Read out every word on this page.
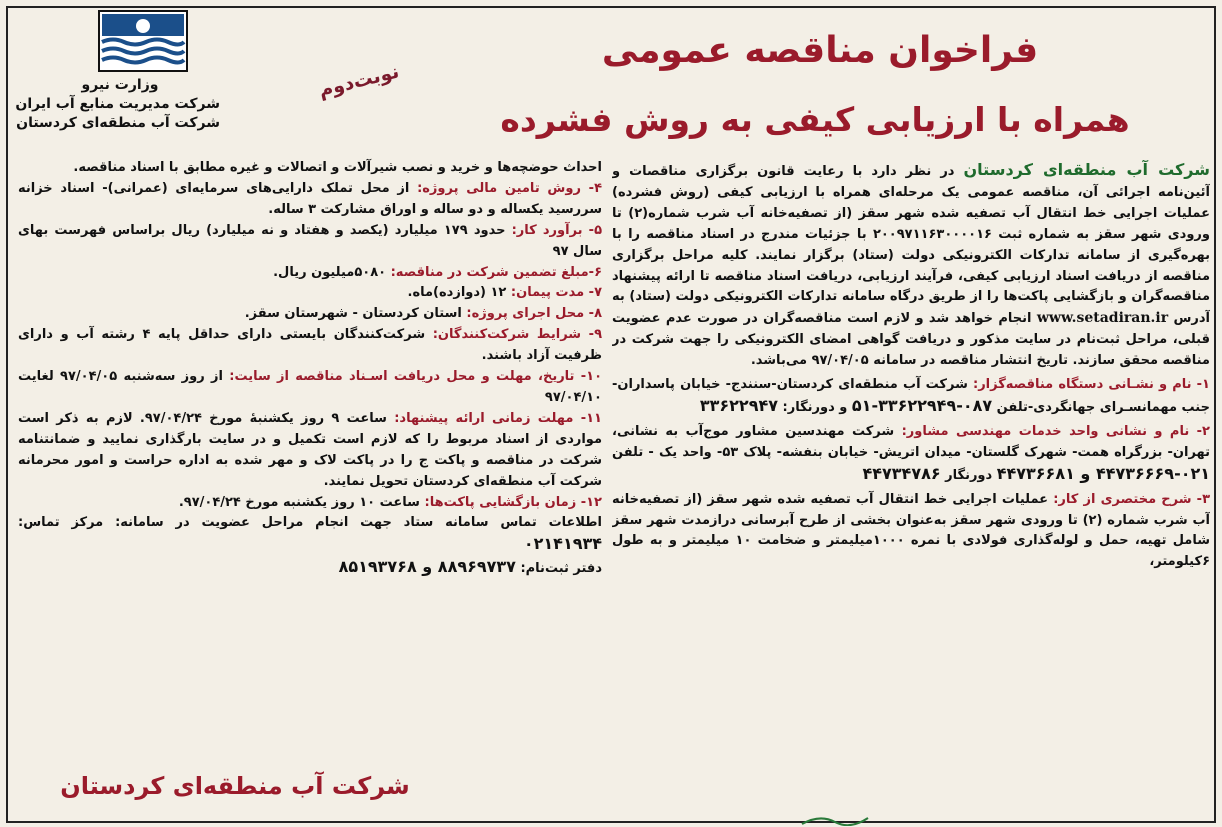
وزارت نیرو
شرکت مدیریت منابع آب ایران
شرکت آب منطقه‌ای کردستان
نوبت‌دوم
فراخوان مناقصه عمومی
همراه با ارزیابی کیفی به روش فشرده

شرکت آب منطقه‌ای کردستان در نظر دارد با رعایت قانون برگزاری مناقصات و آئین‌نامه اجرائی آن، مناقصه عمومی یک مرحله‌ای همراه با ارزیابی کیفی (روش فشرده) عملیات اجرایی خط انتقال آب تصفیه شده شهر سقز (از تصفیه‌خانه آب شرب شماره(۲) تا ورودی شهر سقز به شماره ثبت ۲۰۰۹۷۱۱۶۳۰۰۰۰۱۶ با جزئیات مندرج در اسناد مناقصه را با بهره‌گیری از سامانه تدارکات الکترونیکی دولت (ستاد) برگزار نمایند. کلیه مراحل برگزاری مناقصه از دریافت اسناد ارزیابی کیفی، فرآیند ارزیابی، دریافت اسناد مناقصه تا ارائه پیشنهاد مناقصه‌گران و بازگشایی پاکت‌ها را از طریق درگاه سامانه تدارکات الکترونیکی دولت (ستاد) به آدرس www.setadiran.ir انجام خواهد شد و لازم است مناقصه‌گران در صورت عدم عضویت قبلی، مراحل ثبت‌نام در سایت مذکور و دریافت گواهی امضای الکترونیکی را جهت شرکت در مناقصه محقق سازند. تاریخ انتشار مناقصه در سامانه ۹۷/۰۴/۰۵ می‌باشد.

۱- نام و نشـانی دستگاه مناقصه‌گزار: شرکت آب منطقه‌ای کردستان-سنندج- خیابان پاسداران- جنب مهمانسـرای جهانگردی-تلفن ۰۸۷-۳۳۶۲۲۹۴۹-۵۱ و دورنگار: ۳۳۶۲۲۹۴۷

۲- نام و نشانی واحد خدمات مهندسی مشاور: شرکت مهندسین مشاور موج‌آب به نشانی، تهران- بزرگراه همت- شهرک گلستان- میدان اتریش- خیابان بنفشه- پلاک ۵۳- واحد یک - تلفن ۰۲۱-۴۴۷۳۶۶۶۹ و ۴۴۷۳۶۶۸۱ دورنگار ۴۴۷۳۴۷۸۶

۳- شرح مختصری از کار: عملیات اجرایی خط انتقال آب تصفیه شده شهر سقز (از تصفیه‌خانه آب شرب شماره (۲) تا ورودی شهر سقز به‌عنوان بخشی از طرح آبرسانی درازمدت شهر سقز شامل تهیه، حمل و لوله‌گذاری فولادی با نمره ۱۰۰۰میلیمتر و ضخامت ۱۰ میلیمتر و به طول ۶کیلومتر،

احداث حوضچه‌ها و خرید و نصب شیرآلات و اتصالات و غیره مطابق با اسناد مناقصه.

۴- روش تامین مالی پروژه: از محل تملک دارایی‌های سرمایه‌ای (عمرانی)- اسناد خزانه سررسید یکساله و دو ساله و اوراق مشارکت ۳ ساله.

۵- برآورد کار: حدود ۱۷۹ میلیارد (یکصد و هفتاد و نه میلیارد) ریال براساس فهرست بهای سال ۹۷

۶-مبلغ تضمین شرکت در مناقصه: ۵۰۸۰میلیون ریال.

۷- مدت پیمان: ۱۲ (دوازده)ماه.

۸- محل اجرای پروژه: استان کردستان - شهرستان سقز.

۹- شرایط شرکت‌کنندگان: شرکت‌کنندگان بایستی دارای حداقل پایه ۴ رشته آب و دارای ظرفیت آزاد باشند.

۱۰- تاریخ، مهلت و محل دریافت اسـناد مناقصه از سایت: از روز سه‌شنبه ۹۷/۰۴/۰۵ لغایت ۹۷/۰۴/۱۰

۱۱- مهلت زمانی ارائه پیشنهاد: ساعت ۹ روز یکشنبهٔ مورخ ۹۷/۰۴/۲۴. لازم به ذکر است مواردی از اسناد مربوط را که لازم است تکمیل و در سایت بارگذاری نمایید و ضمانتنامه شرکت در مناقصه و پاکت ج را در پاکت لاک و مهر شده به اداره حراست و امور محرمانه شرکت آب منطقه‌ای کردستان تحویل نمایند.

۱۲- زمان بازگشایی پاکت‌ها: ساعت ۱۰ روز یکشنبه مورخ ۹۷/۰۴/۲۴.

اطلاعات تماس سامانه ستاد جهت انجام مراحل عضویت در سامانه: مرکز تماس: ۰۲۱۴۱۹۳۴

دفتر ثبت‌نام: ۸۸۹۶۹۷۳۷ و ۸۵۱۹۳۷۶۸

شرکت آب منطقه‌ای کردستان
